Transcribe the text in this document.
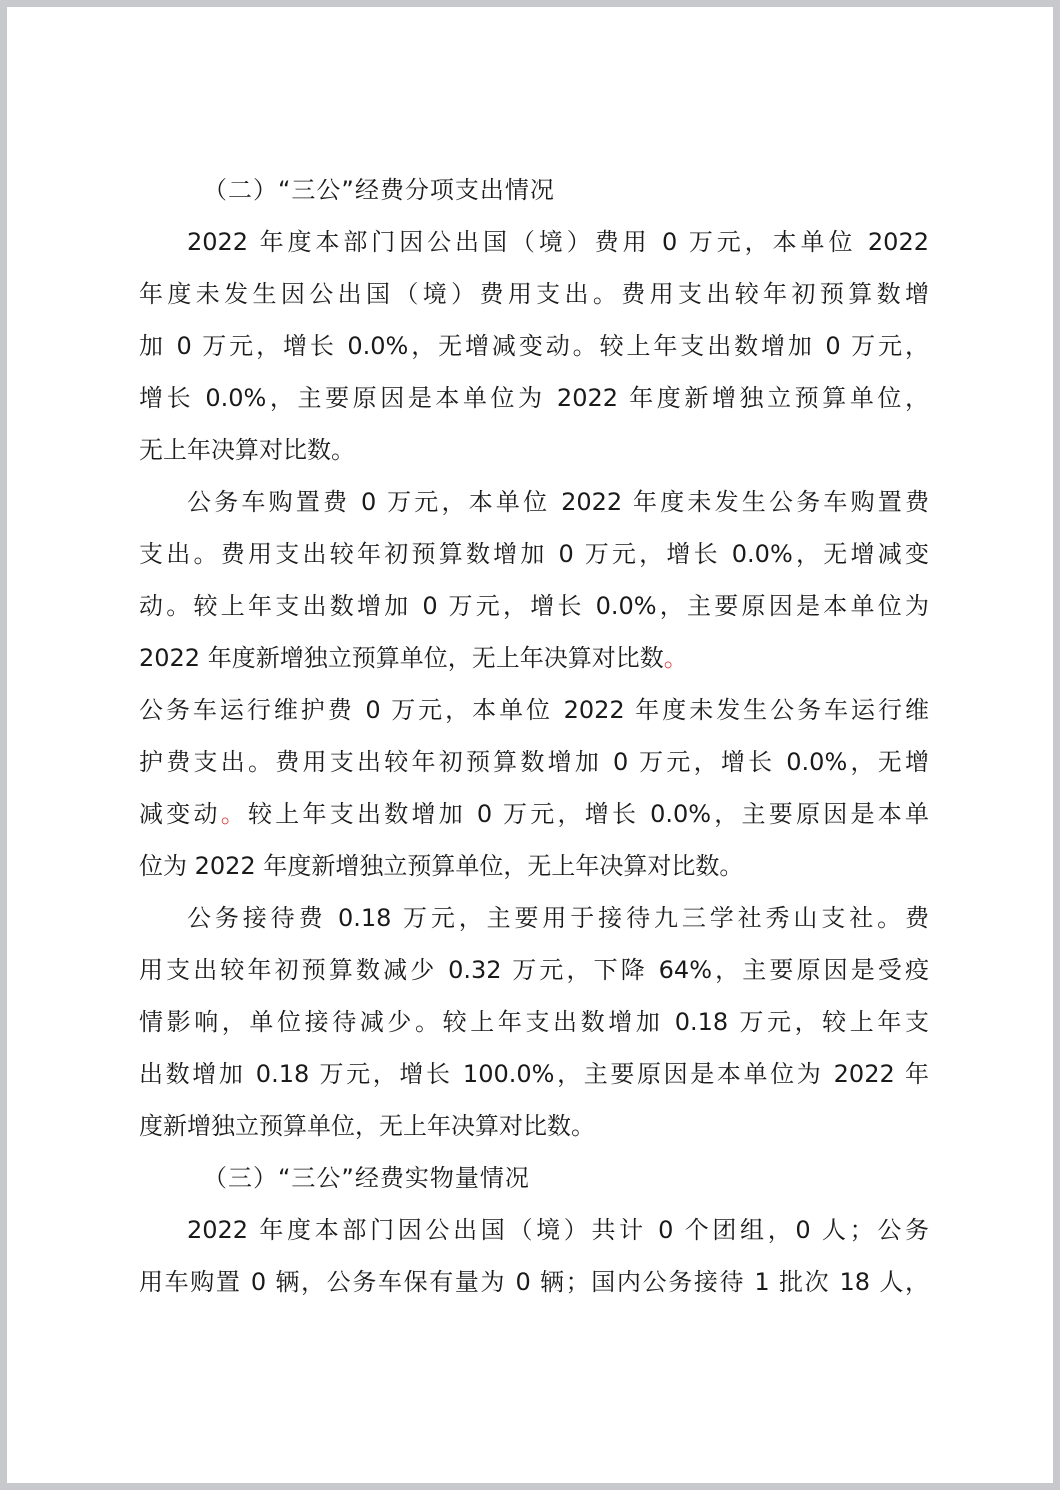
（二）“三公”经费分项支出情况
2022 年度本部门因公出国（境）费用 0 万元，本单位 2022
年度未发生因公出国（境）费用支出。费用支出较年初预算数增
加 0 万元，增长 0.0%，无增减变动。较上年支出数增加 0 万元，
增长 0.0%，主要原因是本单位为 2022 年度新增独立预算单位，
无上年决算对比数。
公务车购置费 0 万元，本单位 2022 年度未发生公务车购置费
支出。费用支出较年初预算数增加 0 万元，增长 0.0%，无增减变
动。较上年支出数增加 0 万元，增长 0.0%，主要原因是本单位为
2022 年度新增独立预算单位，无上年决算对比数。
公务车运行维护费 0 万元，本单位 2022 年度未发生公务车运行维
护费支出。费用支出较年初预算数增加 0 万元，增长 0.0%，无增
减变动。较上年支出数增加 0 万元，增长 0.0%，主要原因是本单
位为 2022 年度新增独立预算单位，无上年决算对比数。
公务接待费 0.18 万元，主要用于接待九三学社秀山支社。费
用支出较年初预算数减少 0.32 万元，下降 64%，主要原因是受疫
情影响，单位接待减少。较上年支出数增加 0.18 万元，较上年支
出数增加 0.18 万元，增长 100.0%，主要原因是本单位为 2022 年
度新增独立预算单位，无上年决算对比数。
（三）“三公”经费实物量情况
2022 年度本部门因公出国（境）共计 0 个团组，0 人；公务
用车购置 0 辆，公务车保有量为 0 辆；国内公务接待 1 批次 18 人，
